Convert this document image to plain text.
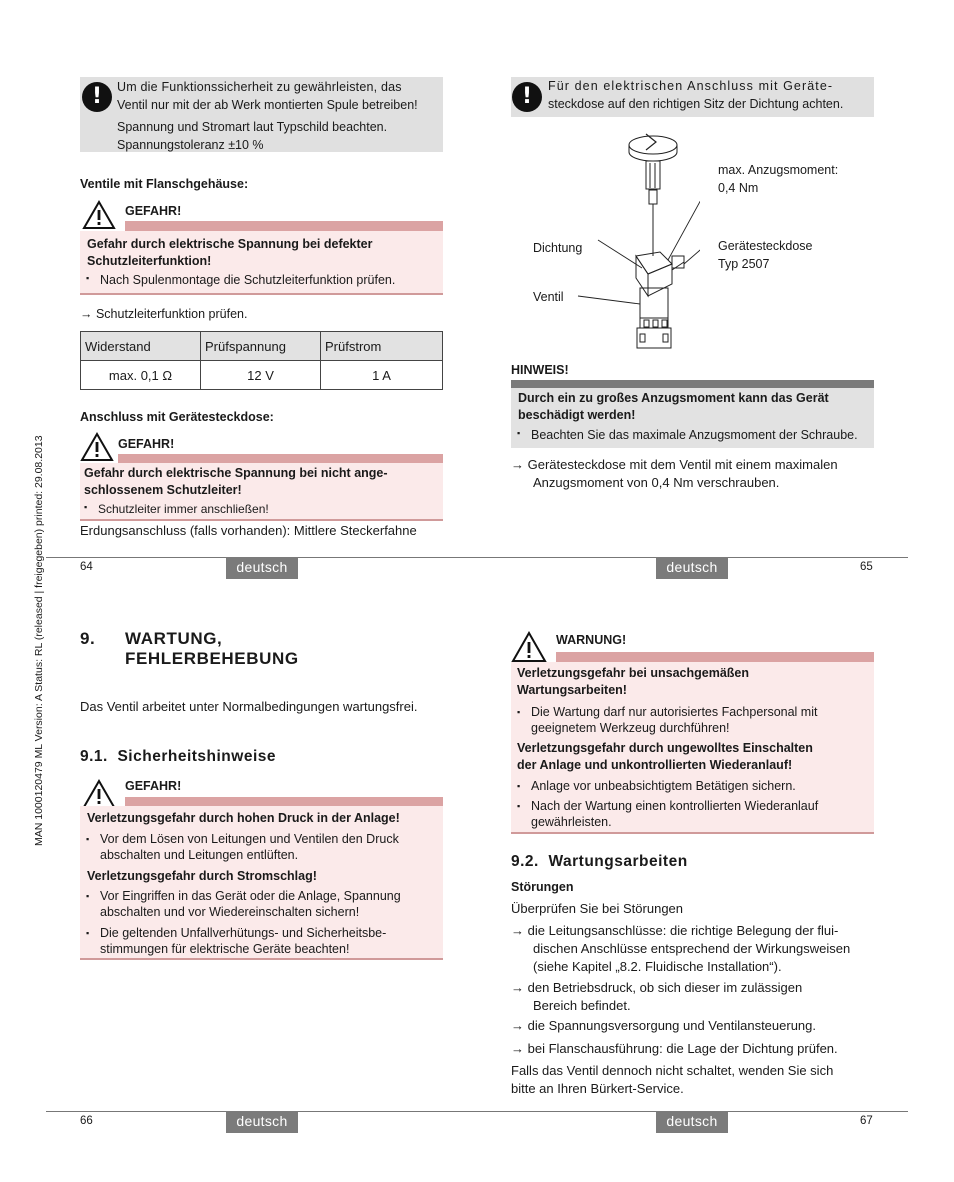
MAN 1000120479 ML Version: A Status: RL (released | freigegeben) printed: 29.08.2013
!	Um die Funktionssicherheit zu gewährleisten, das
Ventil nur mit der ab Werk montierten Spule betreiben!
Spannung und Stromart laut Typschild beachten.
Spannungstoleranz ±10 %
Ventile mit Flanschgehäuse:
GEFAHR!
Gefahr durch elektrische Spannung bei defekter
Schutzleiterfunktion!
▪ Nach Spulenmontage die Schutzleiterfunktion prüfen.
→ Schutzleiterfunktion prüfen.
Widerstand	Prüfspannung	Prüfstrom
max. 0,1 Ω	12 V	1 A
Anschluss mit Gerätesteckdose:
GEFAHR!
Gefahr durch elektrische Spannung bei nicht ange-
schlossenem Schutzleiter!
▪ Schutzleiter immer anschließen!
Erdungsanschluss (falls vorhanden): Mittlere Steckerfahne
!	Für den elektrischen Anschluss mit Geräte-
steckdose auf den richtigen Sitz der Dichtung achten.
max. Anzugsmoment:
0,4 Nm
Dichtung	Gerätesteckdose
Typ 2507
Ventil
HINWEIS!
Durch ein zu großes Anzugsmoment kann das Gerät
beschädigt werden!
▪ Beachten Sie das maximale Anzugsmoment der Schraube.
→ Gerätesteckdose mit dem Ventil mit einem maximalen
Anzugsmoment von 0,4 Nm verschrauben.
64	deutsch	deutsch	65
9. WARTUNG,
FEHLERBEHEBUNG
Das Ventil arbeitet unter Normalbedingungen wartungsfrei.
9.1.  Sicherheitshinweise
GEFAHR!
Verletzungsgefahr durch hohen Druck in der Anlage!
▪ Vor dem Lösen von Leitungen und Ventilen den Druck
abschalten und Leitungen entlüften.
Verletzungsgefahr durch Stromschlag!
▪ Vor Eingriffen in das Gerät oder die Anlage, Spannung
abschalten und vor Wiedereinschalten sichern!
▪ Die geltenden Unfallverhütungs- und Sicherheitsbe-
stimmungen für elektrische Geräte beachten!
WARNUNG!
Verletzungsgefahr bei unsachgemäßen
Wartungsarbeiten!
▪ Die Wartung darf nur autorisiertes Fachpersonal mit
geeignetem Werkzeug durchführen!
Verletzungsgefahr durch ungewolltes Einschalten
der Anlage und unkontrollierten Wiederanlauf!
▪ Anlage vor unbeabsichtigtem Betätigen sichern.
▪ Nach der Wartung einen kontrollierten Wiederanlauf
gewährleisten.
9.2.  Wartungsarbeiten
Störungen
Überprüfen Sie bei Störungen
→ die Leitungsanschlüsse: die richtige Belegung der flui-
dischen Anschlüsse entsprechend der Wirkungsweisen
(siehe Kapitel „8.2. Fluidische Installation“).
→ den Betriebsdruck, ob sich dieser im zulässigen
Bereich befindet.
→ die Spannungsversorgung und Ventilansteuerung.
→ bei Flanschausführung: die Lage der Dichtung prüfen.
Falls das Ventil dennoch nicht schaltet, wenden Sie sich
bitte an Ihren Bürkert-Service.
66	deutsch	deutsch	67
